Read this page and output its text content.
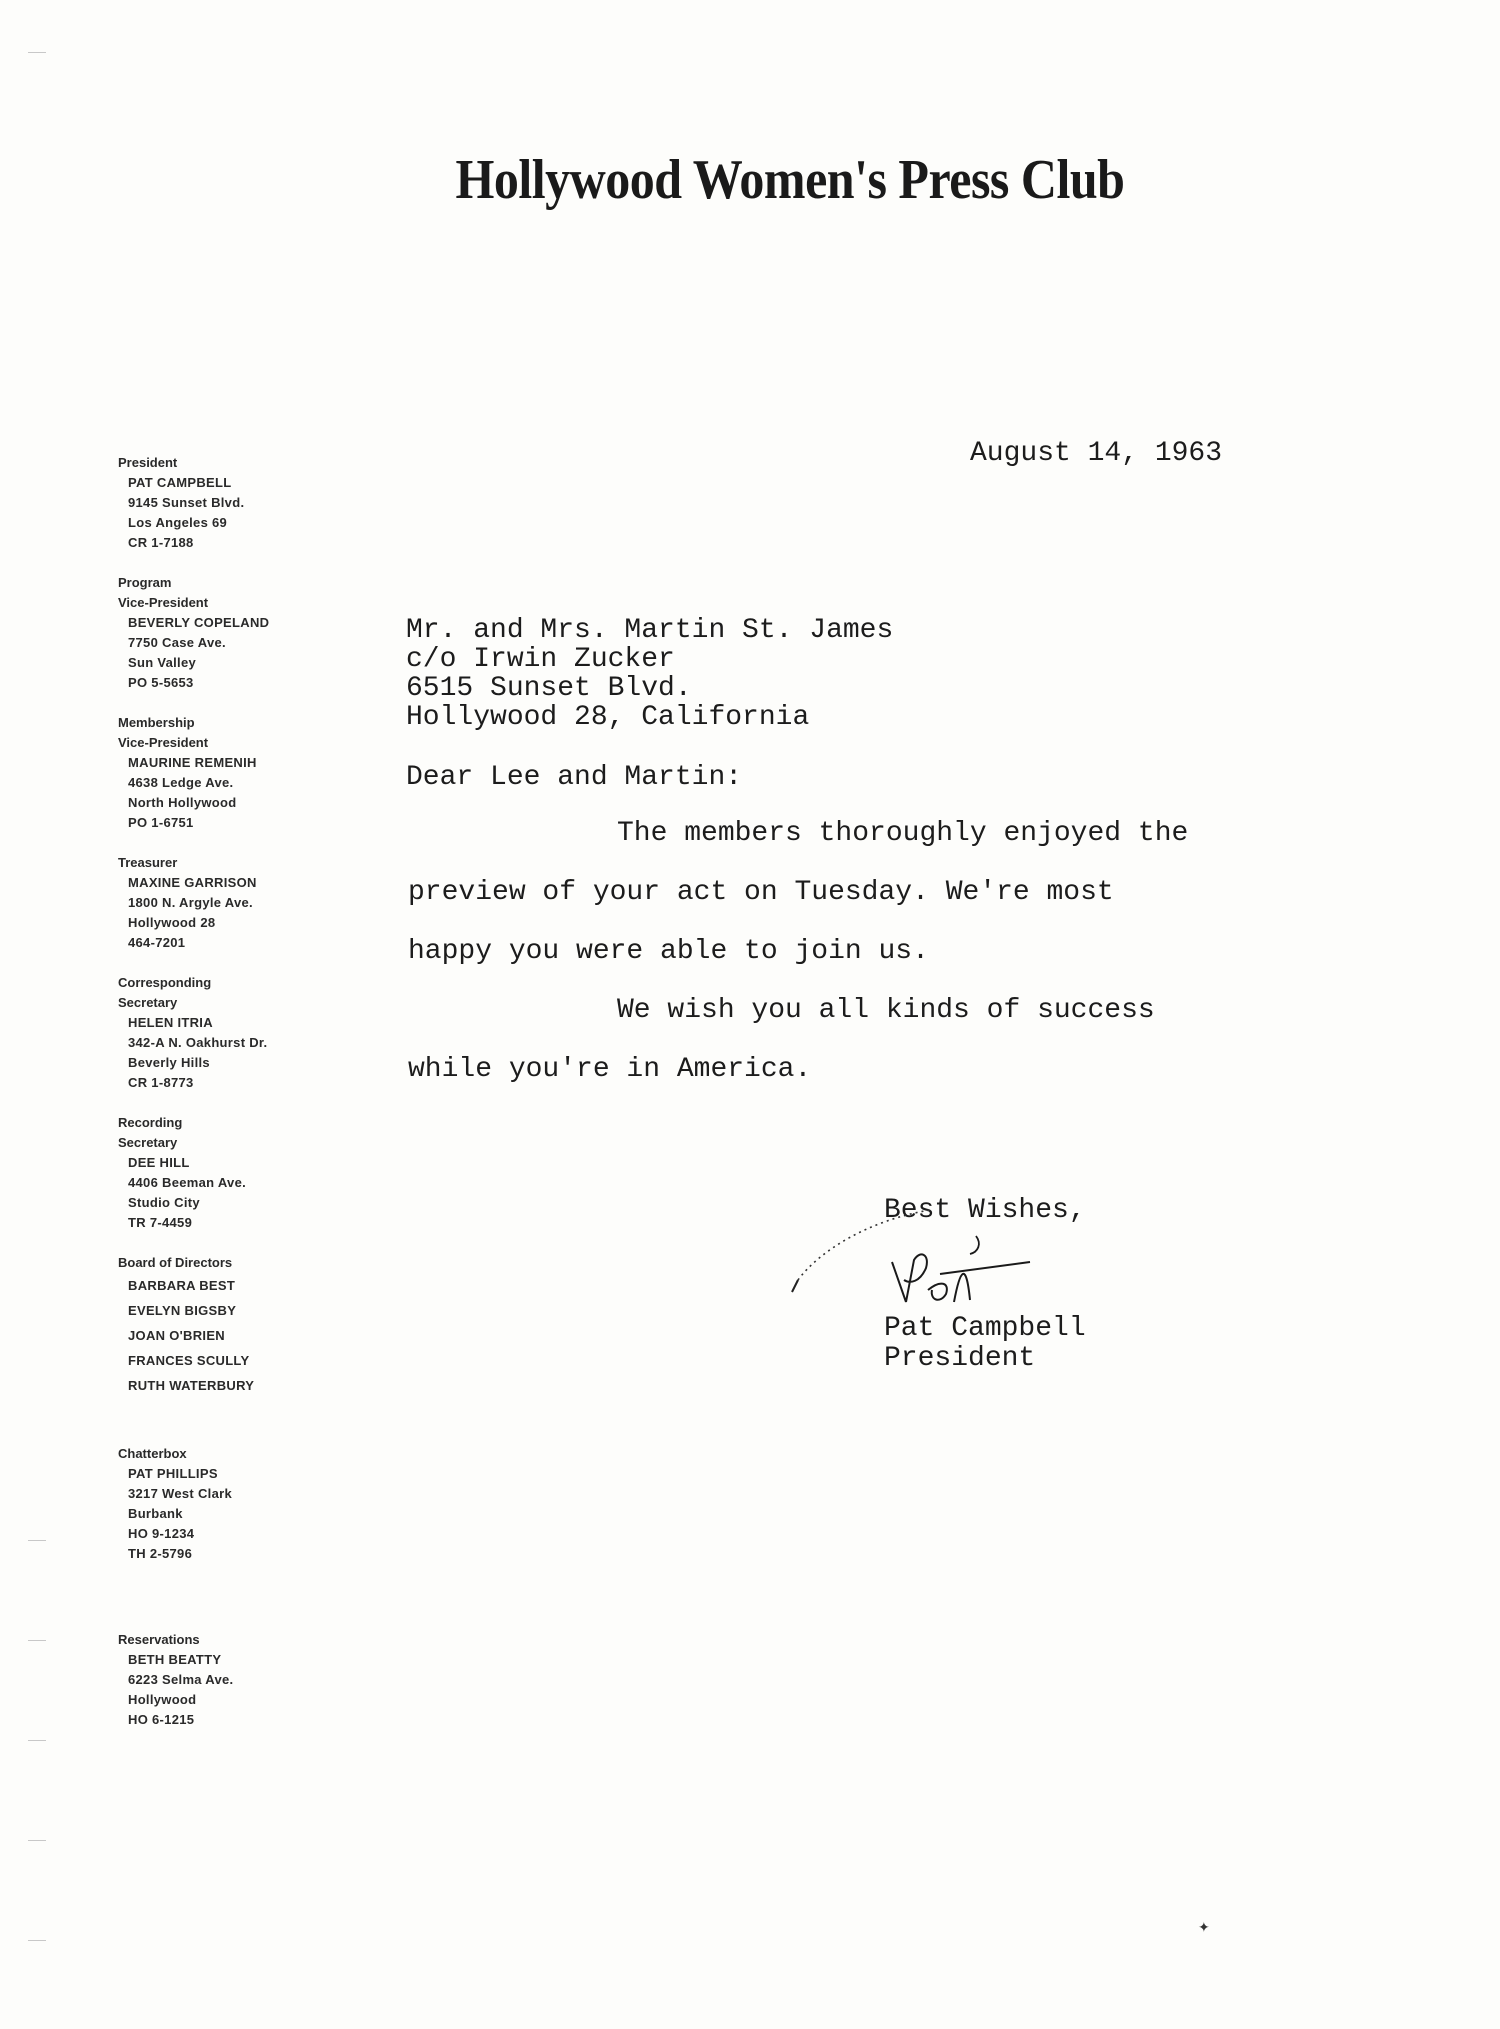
Hollywood Women's Press Club
President
PAT CAMPBELL
9145 Sunset Blvd.
Los Angeles 69
CR 1-7188
Program
Vice-President
BEVERLY COPELAND
7750 Case Ave.
Sun Valley
PO 5-5653
Membership
Vice-President
MAURINE REMENIH
4638 Ledge Ave.
North Hollywood
PO 1-6751
Treasurer
MAXINE GARRISON
1800 N. Argyle Ave.
Hollywood 28
464-7201
Corresponding
Secretary
HELEN ITRIA
342-A N. Oakhurst Dr.
Beverly Hills
CR 1-8773
Recording
Secretary
DEE HILL
4406 Beeman Ave.
Studio City
TR 7-4459
Board of Directors
BARBARA BEST
EVELYN BIGSBY
JOAN O'BRIEN
FRANCES SCULLY
RUTH WATERBURY
Chatterbox
PAT PHILLIPS
3217 West Clark
Burbank
HO 9-1234
TH 2-5796
Reservations
BETH BEATTY
6223 Selma Ave.
Hollywood
HO 6-1215
August 14, 1963
Mr. and Mrs. Martin St. James
c/o Irwin Zucker
6515 Sunset Blvd.
Hollywood 28, California
Dear Lee and Martin:
The members thoroughly enjoyed the
preview of your act on Tuesday. We're most
happy you were able to join us.
We wish you all kinds of success
while you're in America.
Best Wishes,
Pat Campbell
President
✦
